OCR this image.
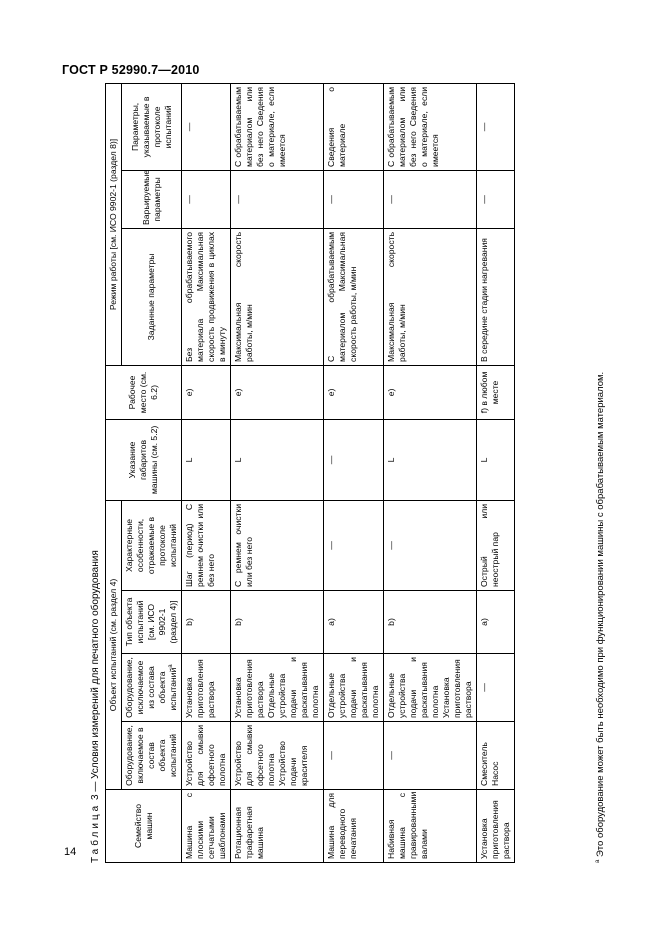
ГОСТ Р 52990.7—2010
Таблица 3 — Условия измерений для печатного оборудования
Семейство машин	Объект испытаний (см. раздел 4)				Указание габаритов машины (см. 5.2)	Рабочее место (см. 6.2)	Режим работы [см. ИСО 9902-1 (раздел 8)]		
	Оборудование, включаемое в состав объекта испытаний	Оборудование, исключаемое из состава объекта испытаний$^a$	Тип объекта испытаний [см. ИСО 9902-1 (раздел 4)]	Характерные особенности, отражаемые в протоколе испытаний			Заданные параметры	Варьируемые параметры	Параметры, указываемые в протоколе испытаний
Машина с плоскими сетчатыми шаблонами	Устройство для смывки офсетного полотна	Установка приготовления раствора	b)	Шаг (период) С ремнем очистки или без него	L	e)	Без обрабатываемого материала Максимальная скорость продвижения в циклах в минуту	—	—
Ротационная трафаретная машина	Устройство для смывки офсетного полотна Устройство подачи красителя	Установка приготовления раствора Отдельные устройства подачи и раскатывания полотна	b)	С ремнем очистки или без него	L	e)	Максимальная скорость работы, м/мин	—	С обрабатываемым материалом или без него Сведения о материале, если имеется
Машина для переводного печатания	—	Отдельные устройства подачи и раскатывания полотна	a)	—	—	e)	С обрабатываемым материалом Максимальная скорость работы, м/мин	—	Сведения о материале
Набивная машина с гравированными валами	—	Отдельные устройства подачи и раскатывания полотна Установка приготовления раствора	b)	—	L	e)	Максимальная скорость работы, м/мин	—	С обрабатываемым материалом или без него Сведения о материале, если имеется
Установка приготовления раствора	Смеситель Насос	—	a)	Острый или неострый пар	L	f) в любом месте	В середине стадии нагревания	—	—
$^a$ Это оборудование может быть необходимо при функционировании машины с обрабатываемым материалом.
14
